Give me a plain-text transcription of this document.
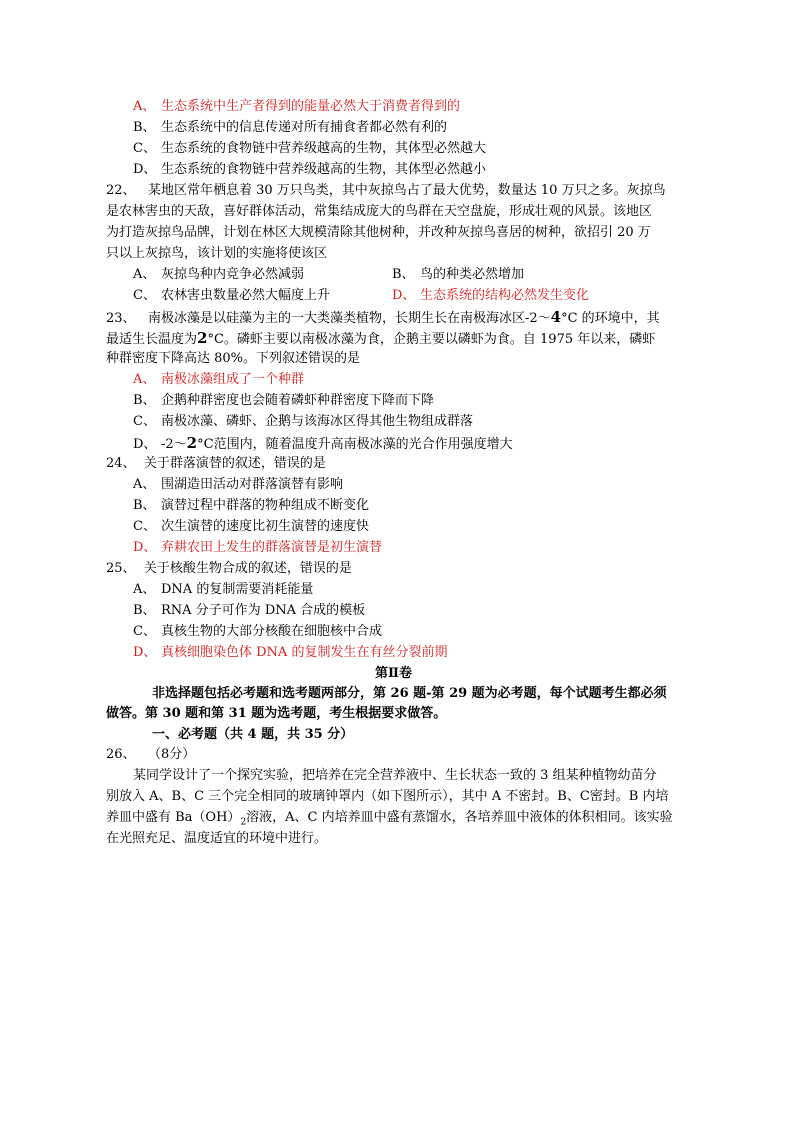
A、 生态系统中生产者得到的能量必然大于消费者得到的
B、 生态系统中的信息传递对所有捕食者都必然有利的
C、 生态系统的食物链中营养级越高的生物，其体型必然越大
D、 生态系统的食物链中营养级越高的生物，其体型必然越小
22、 某地区常年栖息着 30 万只鸟类，其中灰掠鸟占了最大优势，数量达 10 万只之多。灰掠鸟
是农林害虫的天敌，喜好群体活动，常集结成庞大的鸟群在天空盘旋，形成壮观的风景。该地区
为打造灰掠鸟品牌，计划在林区大规模清除其他树种，并改种灰掠鸟喜居的树种，欲招引 20 万
只以上灰掠鸟，该计划的实施将使该区
A、 灰掠鸟种内竞争必然减弱	B、 鸟的种类必然增加
C、 农林害虫数量必然大幅度上升	D、 生态系统的结构必然发生变化
23、 南极冰藻是以硅藻为主的一大类藻类植物，长期生长在南极海冰区-2～4°C 的环境中，其
最适生长温度为2°C。磷虾主要以南极冰藻为食，企鹅主要以磷虾为食。自 1975 年以来，磷虾
种群密度下降高达 80%。下列叙述错误的是
A、 南极冰藻组成了一个种群
B、 企鹅种群密度也会随着磷虾种群密度下降而下降
C、 南极冰藻、磷虾、企鹅与该海冰区得其他生物组成群落
D、 -2～2°C范围内，随着温度升高南极冰藻的光合作用强度增大
24、 关于群落演替的叙述，错误的是
A、 围湖造田活动对群落演替有影响
B、 演替过程中群落的物种组成不断变化
C、 次生演替的速度比初生演替的速度快
D、 弃耕农田上发生的群落演替是初生演替
25、 关于核酸生物合成的叙述，错误的是
A、 DNA 的复制需要消耗能量
B、 RNA 分子可作为 DNA 合成的模板
C、 真核生物的大部分核酸在细胞核中合成
D、 真核细胞染色体 DNA 的复制发生在有丝分裂前期
第Ⅱ卷
非选择题包括必考题和选考题两部分，第 26 题-第 29 题为必考题，每个试题考生都必须
做答。第 30 题和第 31 题为选考题，考生根据要求做答。
一、必考题（共 4 题，共 35 分）
26、 （8分）
某同学设计了一个探究实验，把培养在完全营养液中、生长状态一致的 3 组某种植物幼苗分
别放入 A、B、C 三个完全相同的玻璃钟罩内（如下图所示），其中 A 不密封。B、C密封。B 内培
养皿中盛有 $Ba(OH)_2$溶液，A、C 内培养皿中盛有蒸馏水，各培养皿中液体的体积相同。该实验
在光照充足、温度适宜的环境中进行。
